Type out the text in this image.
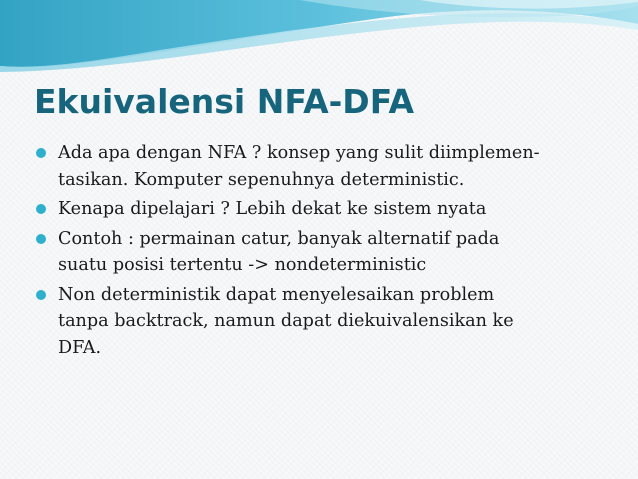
Ekuivalensi NFA-DFA
Ada apa dengan NFA ? konsep yang sulit diimplemen-
tasikan. Komputer sepenuhnya deterministic.
Kenapa dipelajari ? Lebih dekat ke sistem nyata
Contoh : permainan catur, banyak alternatif pada
suatu posisi tertentu -> nondeterministic
Non deterministik dapat menyelesaikan problem
tanpa backtrack, namun dapat diekuivalensikan ke
DFA.
